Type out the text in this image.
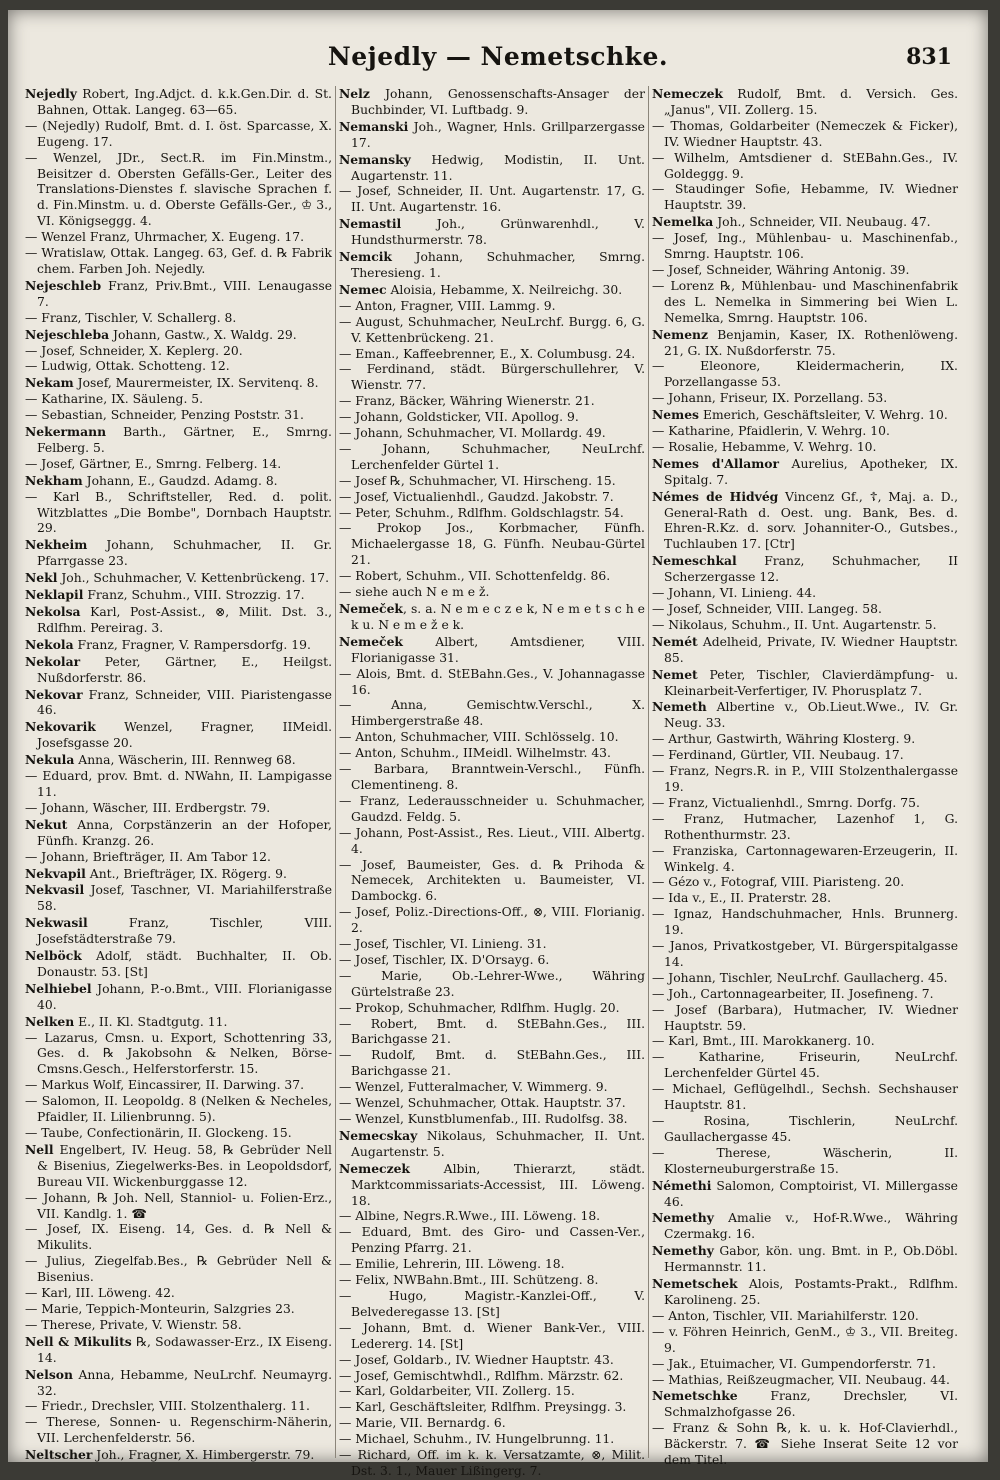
Nejedly — Nemetschke.	831
Nejedly Robert, Ing.Adjct. d. k.k.Gen.Dir. d. St. Bahnen, Ottak. Langeg. 63—65.
— (Nejedly) Rudolf, Bmt. d. I. öst. Sparcasse, X. Eugeng. 17.
— Wenzel, JDr., Sect.R. im Fin.Minstm., Beisitzer d. Obersten Gefälls-Ger., Leiter des Translations-Dienstes f. slavische Sprachen f. d. Fin.Minstm. u. d. Oberste Gefälls-Ger., ♔ 3., VI. Königseggg. 4.
— Wenzel Franz, Uhrmacher, X. Eugeng. 17.
— Wratislaw, Ottak. Langeg. 63, Gef. d. ℞ Fabrik chem. Farben Joh. Nejedly.
Nejeschleb Franz, Priv.Bmt., VIII. Lenaugasse 7.
— Franz, Tischler, V. Schallerg. 8.
Nejeschleba Johann, Gastw., X. Waldg. 29.
— Josef, Schneider, X. Keplerg. 20.
— Ludwig, Ottak. Schotteng. 12.
Nekam Josef, Maurermeister, IX. Servitenq. 8.
— Katharine, IX. Säuleng. 5.
— Sebastian, Schneider, Penzing Poststr. 31.
Nekermann Barth., Gärtner, E., Smrng. Felberg. 5.
— Josef, Gärtner, E., Smrng. Felberg. 14.
Nekham Johann, E., Gaudzd. Adamg. 8.
— Karl B., Schriftsteller, Red. d. polit. Witzblattes „Die Bombe", Dornbach Hauptstr. 29.
Nekheim Johann, Schuhmacher, II. Gr. Pfarrgasse 23.
Nekl Joh., Schuhmacher, V. Kettenbrückeng. 17.
Neklapil Franz, Schuhm., VIII. Strozzig. 17.
Nekolsa Karl, Post-Assist., ⊗, Milit. Dst. 3., Rdlfhm. Pereirag. 3.
Nekola Franz, Fragner, V. Rampersdorfg. 19.
Nekolar Peter, Gärtner, E., Heilgst. Nußdorferstr. 86.
Nekovar Franz, Schneider, VIII. Piaristengasse 46.
Nekovarik Wenzel, Fragner, IIMeidl. Josefsgasse 20.
Nekula Anna, Wäscherin, III. Rennweg 68.
— Eduard, prov. Bmt. d. NWahn, II. Lampigasse 11.
— Johann, Wäscher, III. Erdbergstr. 79.
Nekut Anna, Corpstänzerin an der Hofoper, Fünfh. Kranzg. 26.
— Johann, Briefträger, II. Am Tabor 12.
Nekvapil Ant., Briefträger, IX. Rögerg. 9.
Nekvasil Josef, Taschner, VI. Mariahilferstraße 58.
Nekwasil Franz, Tischler, VIII. Josefstädterstraße 79.
Nelböck Adolf, städt. Buchhalter, II. Ob. Donaustr. 53. [St]
Nelhiebel Johann, P.-o.Bmt., VIII. Florianigasse 40.
Nelken E., II. Kl. Stadtgutg. 11.
— Lazarus, Cmsn. u. Export, Schottenring 33, Ges. d. ℞ Jakobsohn & Nelken, Börse-Cmsns.Gesch., Helferstorferstr. 15.
— Markus Wolf, Eincassirer, II. Darwing. 37.
— Salomon, II. Leopoldg. 8 (Nelken & Necheles, Pfaidler, II. Lilienbrunng. 5).
— Taube, Confectionärin, II. Glockeng. 15.
Nell Engelbert, IV. Heug. 58, ℞ Gebrüder Nell & Bisenius, Ziegelwerks-Bes. in Leopoldsdorf, Bureau VII. Wickenburggasse 12.
— Johann, ℞ Joh. Nell, Stanniol- u. Folien-Erz., VII. Kandlg. 1. ☎
— Josef, IX. Eiseng. 14, Ges. d. ℞ Nell & Mikulits.
— Julius, Ziegelfab.Bes., ℞ Gebrüder Nell & Bisenius.
— Karl, III. Löweng. 42.
— Marie, Teppich-Monteurin, Salzgries 23.
— Therese, Private, V. Wienstr. 58.
Nell & Mikulits ℞, Sodawasser-Erz., IX Eiseng. 14.
Nelson Anna, Hebamme, NeuLrchf. Neumayrg. 32.
— Friedr., Drechsler, VIII. Stolzenthalerg. 11.
— Therese, Sonnen- u. Regenschirm-Näherin, VII. Lerchenfelderstr. 56.
Neltscher Joh., Fragner, X. Himbergerstr. 79.
Nelz Johann, Genossenschafts-Ansager der Buchbinder, VI. Luftbadg. 9.
Nemanski Joh., Wagner, Hnls. Grillparzergasse 17.
Nemansky Hedwig, Modistin, II. Unt. Augartenstr. 11.
— Josef, Schneider, II. Unt. Augartenstr. 17, G. II. Unt. Augartenstr. 16.
Nemastil Joh., Grünwarenhdl., V. Hundsthurmerstr. 78.
Nemcik Johann, Schuhmacher, Smrng. Theresieng. 1.
Nemec Aloisia, Hebamme, X. Neilreichg. 30.
— Anton, Fragner, VIII. Lammg. 9.
— August, Schuhmacher, NeuLrchf. Burgg. 6, G. V. Kettenbrückeng. 21.
— Eman., Kaffeebrenner, E., X. Columbusg. 24.
— Ferdinand, städt. Bürgerschullehrer, V. Wienstr. 77.
— Franz, Bäcker, Währing Wienerstr. 21.
— Johann, Goldsticker, VII. Apollog. 9.
— Johann, Schuhmacher, VI. Mollardg. 49.
— Johann, Schuhmacher, NeuLrchf. Lerchenfelder Gürtel 1.
— Josef ℞, Schuhmacher, VI. Hirscheng. 15.
— Josef, Victualienhdl., Gaudzd. Jakobstr. 7.
— Peter, Schuhm., Rdlfhm. Goldschlagstr. 54.
— Prokop Jos., Korbmacher, Fünfh. Michaelergasse 18, G. Fünfh. Neubau-Gürtel 21.
— Robert, Schuhm., VII. Schottenfeldg. 86.
— siehe auch N e m e ž.
Nemeček, s. a. N e m e c z e k, N e m e t s c h e k u. N e m e ž e k.
Nemeček Albert, Amtsdiener, VIII. Florianigasse 31.
— Alois, Bmt. d. StEBahn.Ges., V. Johannagasse 16.
— Anna, Gemischtw.Verschl., X. Himbergerstraße 48.
— Anton, Schuhmacher, VIII. Schlösselg. 10.
— Anton, Schuhm., IIMeidl. Wilhelmstr. 43.
— Barbara, Branntwein-Verschl., Fünfh. Clementineng. 8.
— Franz, Lederausschneider u. Schuhmacher, Gaudzd. Feldg. 5.
— Johann, Post-Assist., Res. Lieut., VIII. Albertg. 4.
— Josef, Baumeister, Ges. d. ℞ Prihoda & Nemecek, Architekten u. Baumeister, VI. Dambockg. 6.
— Josef, Poliz.-Directions-Off., ⊗, VIII. Florianig. 2.
— Josef, Tischler, VI. Linieng. 31.
— Josef, Tischler, IX. D'Orsayg. 6.
— Marie, Ob.-Lehrer-Wwe., Währing Gürtelstraße 23.
— Prokop, Schuhmacher, Rdlfhm. Huglg. 20.
— Robert, Bmt. d. StEBahn.Ges., III. Barichgasse 21.
— Rudolf, Bmt. d. StEBahn.Ges., III. Barichgasse 21.
— Wenzel, Futteralmacher, V. Wimmerg. 9.
— Wenzel, Schuhmacher, Ottak. Hauptstr. 37.
— Wenzel, Kunstblumenfab., III. Rudolfsg. 38.
Nemecskay Nikolaus, Schuhmacher, II. Unt. Augartenstr. 5.
Nemeczek Albin, Thierarzt, städt. Marktcommissariats-Accessist, III. Löweng. 18.
— Albine, Negrs.R.Wwe., III. Löweng. 18.
— Eduard, Bmt. des Giro- und Cassen-Ver., Penzing Pfarrg. 21.
— Emilie, Lehrerin, III. Löweng. 18.
— Felix, NWBahn.Bmt., III. Schützeng. 8.
— Hugo, Magistr.-Kanzlei-Off., V. Belvederegasse 13. [St]
— Johann, Bmt. d. Wiener Bank-Ver., VIII. Ledererg. 14. [St]
— Josef, Goldarb., IV. Wiedner Hauptstr. 43.
— Josef, Gemischtwhdl., Rdlfhm. Märzstr. 62.
— Karl, Goldarbeiter, VII. Zollerg. 15.
— Karl, Geschäftsleiter, Rdlfhm. Preysingg. 3.
— Marie, VII. Bernardg. 6.
— Michael, Schuhm., IV. Hungelbrunng. 11.
— Richard, Off. im k. k. Versatzamte, ⊗, Milit. Dst. 3. 1., Mauer Lißingerg. 7.
Nemeczek Rudolf, Bmt. d. Versich. Ges. „Janus", VII. Zollerg. 15.
— Thomas, Goldarbeiter (Nemeczek & Ficker), IV. Wiedner Hauptstr. 43.
— Wilhelm, Amtsdiener d. StEBahn.Ges., IV. Goldeggg. 9.
— Staudinger Sofie, Hebamme, IV. Wiedner Hauptstr. 39.
Nemelka Joh., Schneider, VII. Neubaug. 47.
— Josef, Ing., Mühlenbau- u. Maschinenfab., Smrng. Hauptstr. 106.
— Josef, Schneider, Währing Antonig. 39.
— Lorenz ℞, Mühlenbau- und Maschinenfabrik des L. Nemelka in Simmering bei Wien L. Nemelka, Smrng. Hauptstr. 106.
Nemenz Benjamin, Kaser, IX. Rothenlöweng. 21, G. IX. Nußdorferstr. 75.
— Eleonore, Kleidermacherin, IX. Porzellangasse 53.
— Johann, Friseur, IX. Porzellang. 53.
Nemes Emerich, Geschäftsleiter, V. Wehrg. 10.
— Katharine, Pfaidlerin, V. Wehrg. 10.
— Rosalie, Hebamme, V. Wehrg. 10.
Nemes d'Allamor Aurelius, Apotheker, IX. Spitalg. 7.
Némes de Hidvég Vincenz Gf., ☦, Maj. a. D., General-Rath d. Oest. ung. Bank, Bes. d. Ehren-R.Kz. d. sorv. Johanniter-O., Gutsbes., Tuchlauben 17. [Ctr]
Nemeschkal Franz, Schuhmacher, II Scherzergasse 12.
— Johann, VI. Linieng. 44.
— Josef, Schneider, VIII. Langeg. 58.
— Nikolaus, Schuhm., II. Unt. Augartenstr. 5.
Nemét Adelheid, Private, IV. Wiedner Hauptstr. 85.
Nemet Peter, Tischler, Clavierdämpfung- u. Kleinarbeit-Verfertiger, IV. Phorusplatz 7.
Nemeth Albertine v., Ob.Lieut.Wwe., IV. Gr. Neug. 33.
— Arthur, Gastwirth, Währing Klosterg. 9.
— Ferdinand, Gürtler, VII. Neubaug. 17.
— Franz, Negrs.R. in P., VIII Stolzenthalergasse 19.
— Franz, Victualienhdl., Smrng. Dorfg. 75.
— Franz, Hutmacher, Lazenhof 1, G. Rothenthurmstr. 23.
— Franziska, Cartonnagewaren-Erzeugerin, II. Winkelg. 4.
— Gézo v., Fotograf, VIII. Piaristeng. 20.
— Ida v., E., II. Praterstr. 28.
— Ignaz, Handschuhmacher, Hnls. Brunnerg. 19.
— Janos, Privatkostgeber, VI. Bürgerspitalgasse 14.
— Johann, Tischler, NeuLrchf. Gaullacherg. 45.
— Joh., Cartonnagearbeiter, II. Josefineng. 7.
— Josef (Barbara), Hutmacher, IV. Wiedner Hauptstr. 59.
— Karl, Bmt., III. Marokkanerg. 10.
— Katharine, Friseurin, NeuLrchf. Lerchenfelder Gürtel 45.
— Michael, Geflügelhdl., Sechsh. Sechshauser Hauptstr. 81.
— Rosina, Tischlerin, NeuLrchf. Gaullachergasse 45.
— Therese, Wäscherin, II. Klosterneuburgerstraße 15.
Némethi Salomon, Comptoirist, VI. Millergasse 46.
Nemethy Amalie v., Hof-R.Wwe., Währing Czermakg. 16.
Nemethy Gabor, kön. ung. Bmt. in P., Ob.Döbl. Hermannstr. 11.
Nemetschek Alois, Postamts-Prakt., Rdlfhm. Karolineng. 25.
— Anton, Tischler, VII. Mariahilferstr. 120.
— v. Föhren Heinrich, GenM., ♔ 3., VII. Breiteg. 9.
— Jak., Etuimacher, VI. Gumpendorferstr. 71.
— Mathias, Reißzeugmacher, VII. Neubaug. 44.
Nemetschke Franz, Drechsler, VI. Schmalzhofgasse 26.
— Franz & Sohn ℞, k. u. k. Hof-Clavierhdl., Bäckerstr. 7. ☎ Siehe Inserat Seite 12 vor dem Titel.
